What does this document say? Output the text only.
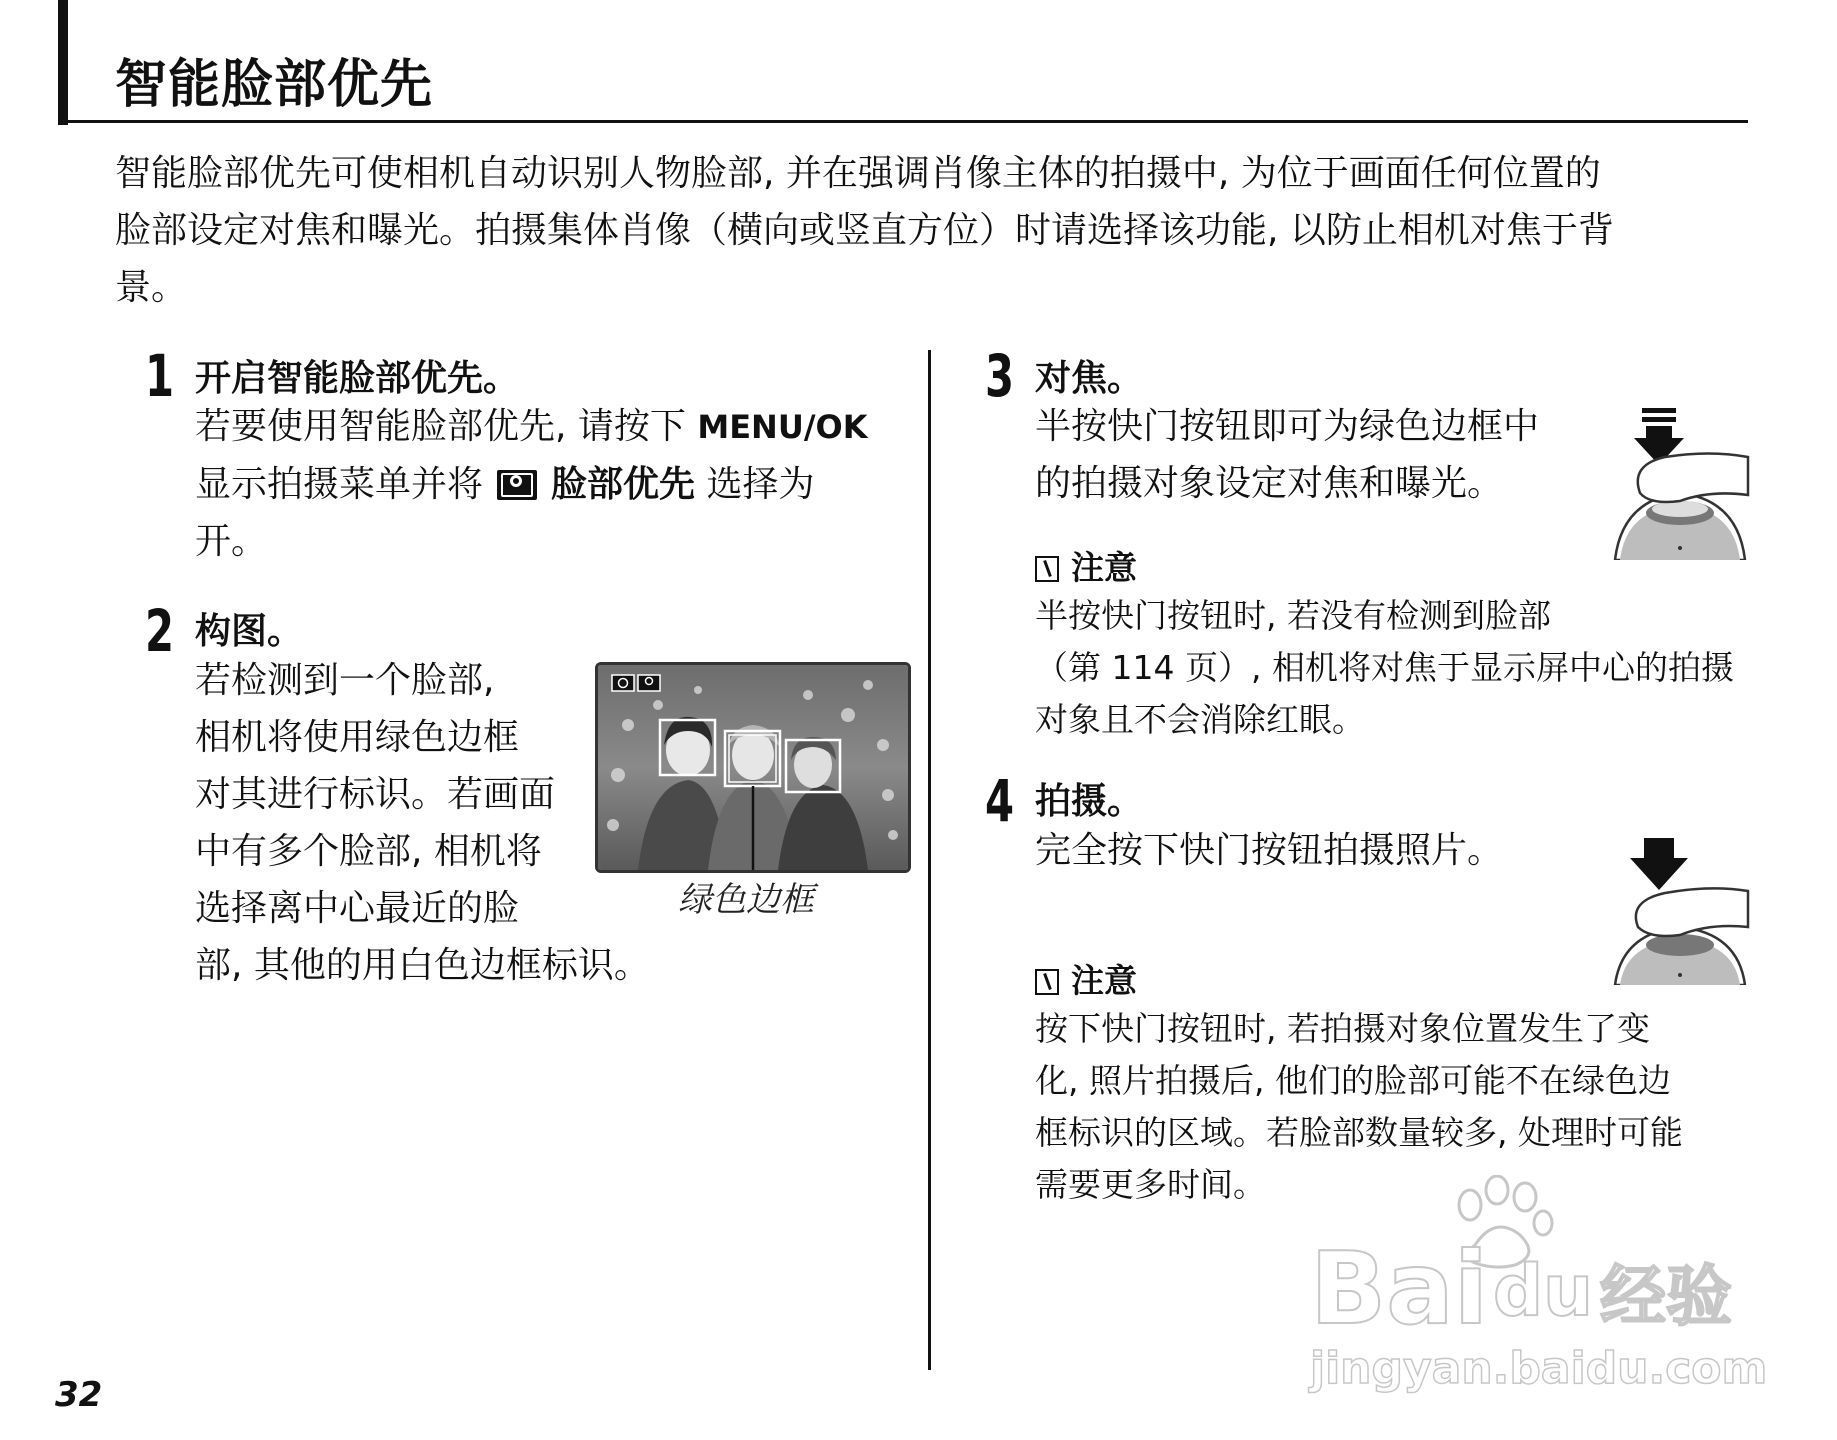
智能脸部优先
智能脸部优先可使相机自动识别人物脸部, 并在强调肖像主体的拍摄中, 为位于画面任何位置的
脸部设定对焦和曝光。拍摄集体肖像（横向或竖直方位）时请选择该功能, 以防止相机对焦于背
景。
1 开启智能脸部优先。
若要使用智能脸部优先, 请按下 MENU/OK
显示拍摄菜单并将 脸部优先 选择为
开。
2 构图。
若检测到一个脸部,
相机将使用绿色边框
对其进行标识。若画面
中有多个脸部, 相机将
选择离中心最近的脸
部, 其他的用白色边框标识。
绿色边框
3 对焦。
半按快门按钮即可为绿色边框中
的拍摄对象设定对焦和曝光。
注意
半按快门按钮时, 若没有检测到脸部
（第 114 页）, 相机将对焦于显示屏中心的拍摄
对象且不会消除红眼。
4 拍摄。
完全按下快门按钮拍摄照片。
注意
按下快门按钮时, 若拍摄对象位置发生了变
化, 照片拍摄后, 他们的脸部可能不在绿色边
框标识的区域。若脸部数量较多, 处理时可能
需要更多时间。
32
Bai du 经验
jingyan.baidu.com
